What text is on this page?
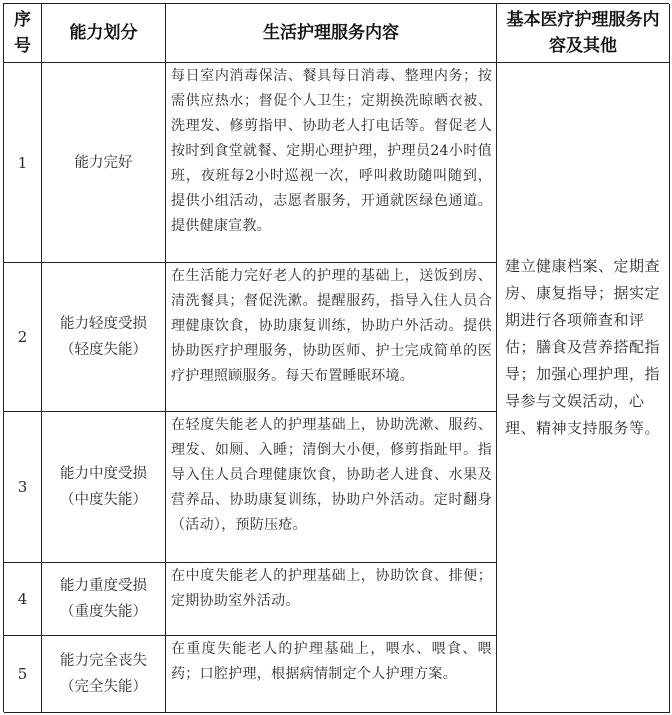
序号
能力划分	生活护理服务内容
基本医疗护理服务内容及其他
1	能力完好
每日室内消毒保洁、餐具每日消毒、整理内务；按需供应热水；督促个人卫生；定期换洗晾晒衣被、洗理发、修剪指甲、协助老人打电话等。督促老人按时到食堂就餐、定期心理护理，护理员24小时值班，夜班每2小时巡视一次，呼叫救助随叫随到，提供小组活动，志愿者服务，开通就医绿色通道。提供健康宣教。
建立健康档案、定期查房、康复指导；据实定期进行各项筛查和评估；膳食及营养搭配指导；加强心理护理，指导参与文娱活动，心理、精神支持服务等。
2
能力轻度受损
（轻度失能）
在生活能力完好老人的护理的基础上，送饭到房、清洗餐具；督促洗漱。提醒服药，指导入住人员合理健康饮食，协助康复训练，协助户外活动。提供协助医疗护理服务，协助医师、护士完成简单的医疗护理照顾服务。每天布置睡眠环境。
3
能力中度受损
（中度失能）
在轻度失能老人的护理基础上，协助洗漱、服药、理发、如厕、入睡；清倒大小便，修剪指趾甲。指导入住人员合理健康饮食，协助老人进食、水果及营养品、协助康复训练，协助户外活动。定时翻身（活动），预防压疮。
4
能力重度受损
（重度失能）
在中度失能老人的护理基础上，协助饮食、排便；定期协助室外活动。
5
能力完全丧失
（完全失能）
在重度失能老人的护理基础上，喂水、喂食、喂药；口腔护理，根据病情制定个人护理方案。
